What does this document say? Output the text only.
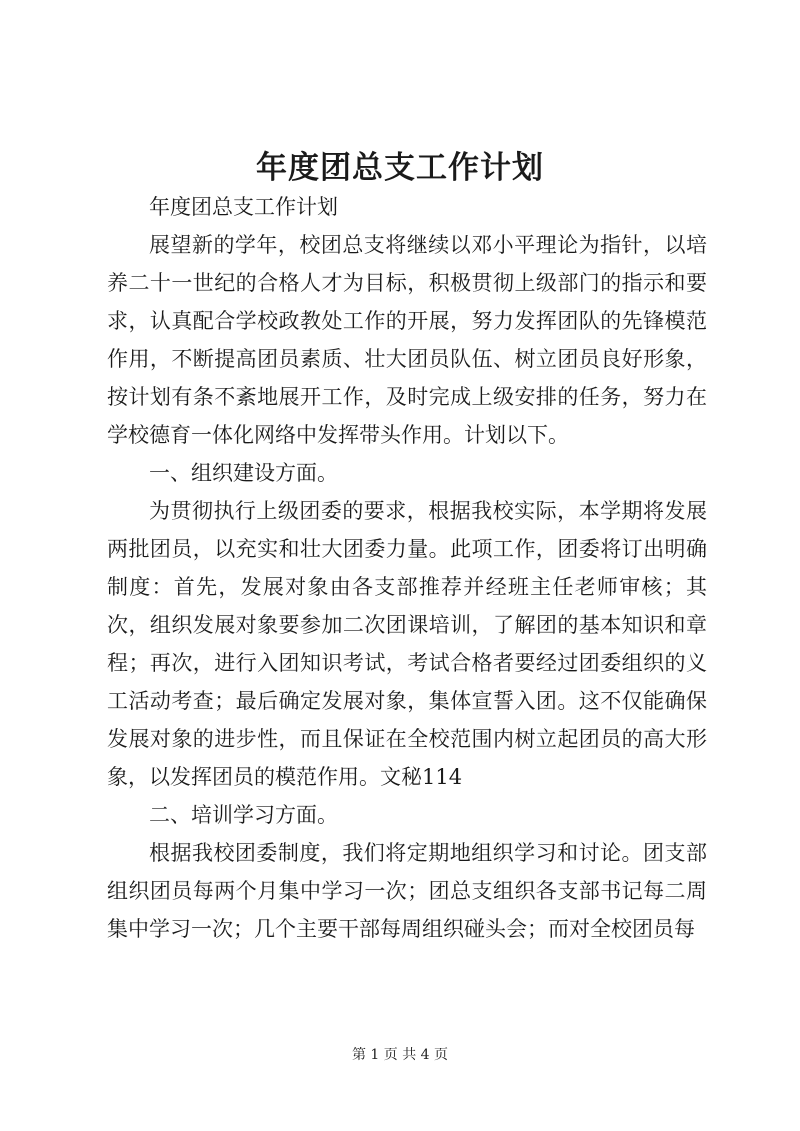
年度团总支工作计划

年度团总支工作计划

展望新的学年，校团总支将继续以邓小平理论为指针，以培养二十一世纪的合格人才为目标，积极贯彻上级部门的指示和要求，认真配合学校政教处工作的开展，努力发挥团队的先锋模范作用，不断提高团员素质、壮大团员队伍、树立团员良好形象，按计划有条不紊地展开工作，及时完成上级安排的任务，努力在学校德育一体化网络中发挥带头作用。计划以下。

一、组织建设方面。

为贯彻执行上级团委的要求，根据我校实际，本学期将发展两批团员，以充实和壮大团委力量。此项工作，团委将订出明确制度：首先，发展对象由各支部推荐并经班主任老师审核；其次，组织发展对象要参加二次团课培训，了解团的基本知识和章程；再次，进行入团知识考试，考试合格者要经过团委组织的义工活动考查；最后确定发展对象，集体宣誓入团。这不仅能确保发展对象的进步性，而且保证在全校范围内树立起团员的高大形象，以发挥团员的模范作用。文秘114

二、培训学习方面。

根据我校团委制度，我们将定期地组织学习和讨论。团支部组织团员每两个月集中学习一次；团总支组织各支部书记每二周集中学习一次；几个主要干部每周组织碰头会；而对全校团员每

第 1 页 共 4 页
